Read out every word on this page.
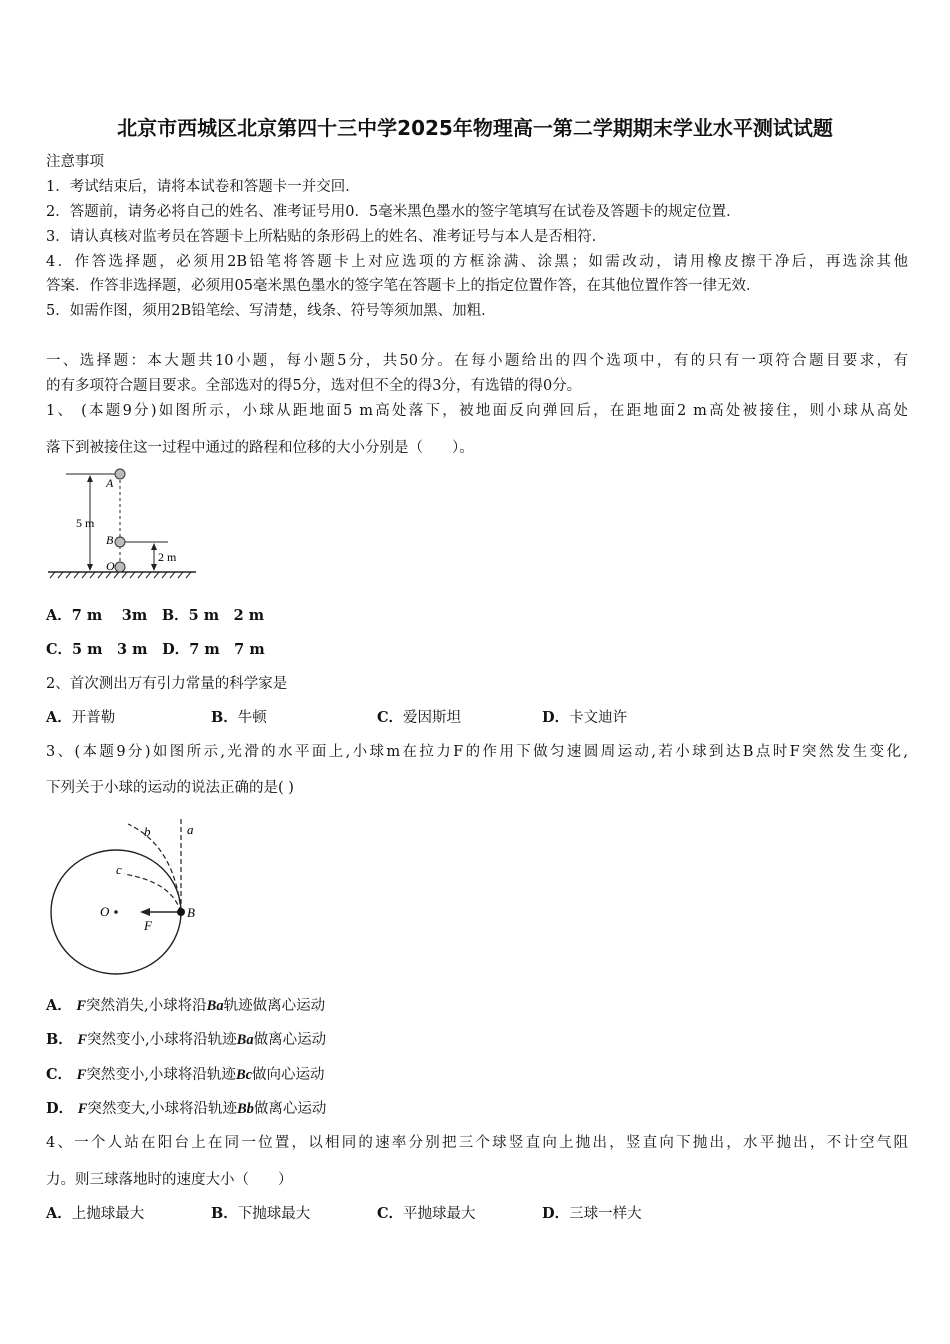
北京市西城区北京第四十三中学2025年物理高一第二学期期末学业水平测试试题
注意事项
1．考试结束后，请将本试卷和答题卡一并交回．
2．答题前，请务必将自己的姓名、准考证号用0．5毫米黑色墨水的签字笔填写在试卷及答题卡的规定位置．
3．请认真核对监考员在答题卡上所粘贴的条形码上的姓名、准考证号与本人是否相符．
4．作答选择题，必须用2B铅笔将答题卡上对应选项的方框涂满、涂黑；如需改动，请用橡皮擦干净后，再选涂其他
答案．作答非选择题，必须用05毫米黑色墨水的签字笔在答题卡上的指定位置作答，在其他位置作答一律无效．
5．如需作图，须用2B铅笔绘、写清楚，线条、符号等须加黑、加粗．
一、选择题：本大题共10小题，每小题5分，共50分。在每小题给出的四个选项中，有的只有一项符合题目要求，有
的有多项符合题目要求。全部选对的得5分，选对但不全的得3分，有选错的得0分。
1、 (本题9分)如图所示，小球从距地面5 m高处落下，被地面反向弹回后，在距地面2 m高处被接住，则小球从高处
落下到被接住这一过程中通过的路程和位移的大小分别是（　　）。
A
B
O
5 m
2 m
A．7 m　 3m B．5 m　2 m
C．5 m　3 m D．7 m　7 m
2、首次测出万有引力常量的科学家是
A．开普勒	B．牛顿	C．爱因斯坦	D．卡文迪许
3、(本题9分)如图所示,光滑的水平面上,小球m在拉力F的作用下做匀速圆周运动,若小球到达B点时F突然发生变化,
下列关于小球的运动的说法正确的是( )
a
b
c
O	B
F
A． F突然消失,小球将沿Ba轨迹做离心运动
B． F突然变小,小球将沿轨迹Ba做离心运动
C． F突然变小,小球将沿轨迹Bc做向心运动
D． F突然变大,小球将沿轨迹Bb做离心运动
4、一个人站在阳台上在同一位置，以相同的速率分别把三个球竖直向上抛出，竖直向下抛出，水平抛出，不计空气阻
力。则三球落地时的速度大小（　　）
A．上抛球最大	B．下抛球最大	C．平抛球最大	D．三球一样大
